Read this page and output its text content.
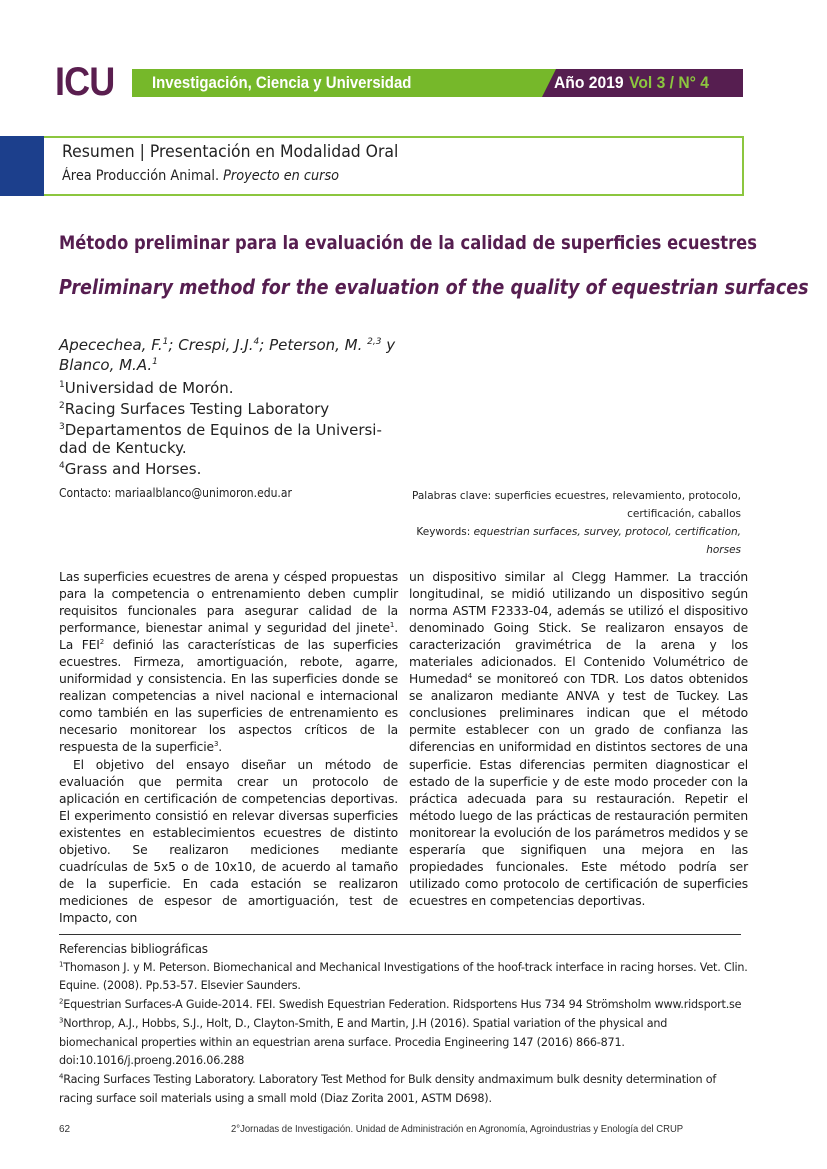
ICU Investigación, Ciencia y Universidad	Año 2019 Vol 3 / N° 4
Resumen | Presentación en Modalidad Oral
Área Producción Animal. Proyecto en curso
Método preliminar para la evaluación de la calidad de superficies ecuestres
Preliminary method for the evaluation of the quality of equestrian surfaces
Apecechea, F.$^1$; Crespi, J.J.$^4$; Peterson, M. $^{2,3}$ y
Blanco, M.A.$^1$
$^1$Universidad de Morón.
$^2$Racing Surfaces Testing Laboratory
$^3$Departamentos de Equinos de la Universi-
dad de Kentucky.
$^4$Grass and Horses.
Contacto: mariaalblanco@unimoron.edu.ar	Palabras clave: superficies ecuestres, relevamiento, protocolo, certificación, caballos
Keywords: equestrian surfaces, survey, protocol, certification, horses

Las superficies ecuestres de arena y césped propuestas para la competencia o entrenamiento deben cumplir requisitos funcionales para asegurar calidad de la performance, bienestar animal y seguridad del jinete$^1$. La FEI$^2$ definió las características de las superficies ecuestres. Firmeza, amortiguación, rebote, agarre, uniformidad y consistencia. En las superficies donde se realizan competencias a nivel nacional e internacional como también en las superficies de entrenamiento es necesario monitorear los aspectos críticos de la respuesta de la superficie$^3$.

El objetivo del ensayo diseñar un método de evaluación que permita crear un protocolo de aplicación en certificación de competencias deportivas. El experimento consistió en relevar diversas superficies existentes en establecimientos ecuestres de distinto objetivo. Se realizaron mediciones mediante cuadrículas de 5x5 o de 10x10, de acuerdo al tamaño de la superficie. En cada estación se realizaron mediciones de espesor de amortiguación, test de Impacto, con

un dispositivo similar al Clegg Hammer. La tracción longitudinal, se midió utilizando un dispositivo según norma ASTM F2333-04, además se utilizó el dispositivo denominado Going Stick. Se realizaron ensayos de caracterización gravimétrica de la arena y los materiales adicionados. El Contenido Volumétrico de Humedad$^4$ se monitoreó con TDR. Los datos obtenidos se analizaron mediante ANVA y test de Tuckey. Las conclusiones preliminares indican que el método permite establecer con un grado de confianza las diferencias en uniformidad en distintos sectores de una superficie. Estas diferencias permiten diagnosticar el estado de la superficie y de este modo proceder con la práctica adecuada para su restauración. Repetir el método luego de las prácticas de restauración permiten monitorear la evolución de los parámetros medidos y se esperaría que signifiquen una mejora en las propiedades funcionales. Este método podría ser utilizado como protocolo de certificación de superficies ecuestres en competencias deportivas.

Referencias bibliográficas
$^1$Thomason J. y M. Peterson. Biomechanical and Mechanical Investigations of the hoof-track interface in racing horses. Vet. Clin. Equine. (2008). Pp.53-57. Elsevier Saunders.
$^2$Equestrian Surfaces-A Guide-2014. FEI. Swedish Equestrian Federation. Ridsportens Hus 734 94 Strömsholm www.ridsport.se
$^3$Northrop, A.J., Hobbs, S.J., Holt, D., Clayton-Smith, E and Martin, J.H (2016). Spatial variation of the physical and biomechanical properties within an equestrian arena surface. Procedia Engineering 147 (2016) 866-871. doi:10.1016/j.proeng.2016.06.288
$^4$Racing Surfaces Testing Laboratory. Laboratory Test Method for Bulk density andmaximum bulk desnity determination of racing surface soil materials using a small mold (Diaz Zorita 2001, ASTM D698).
62	2°Jornadas de Investigación. Unidad de Administración en Agronomía, Agroindustrias y Enología del CRUP
